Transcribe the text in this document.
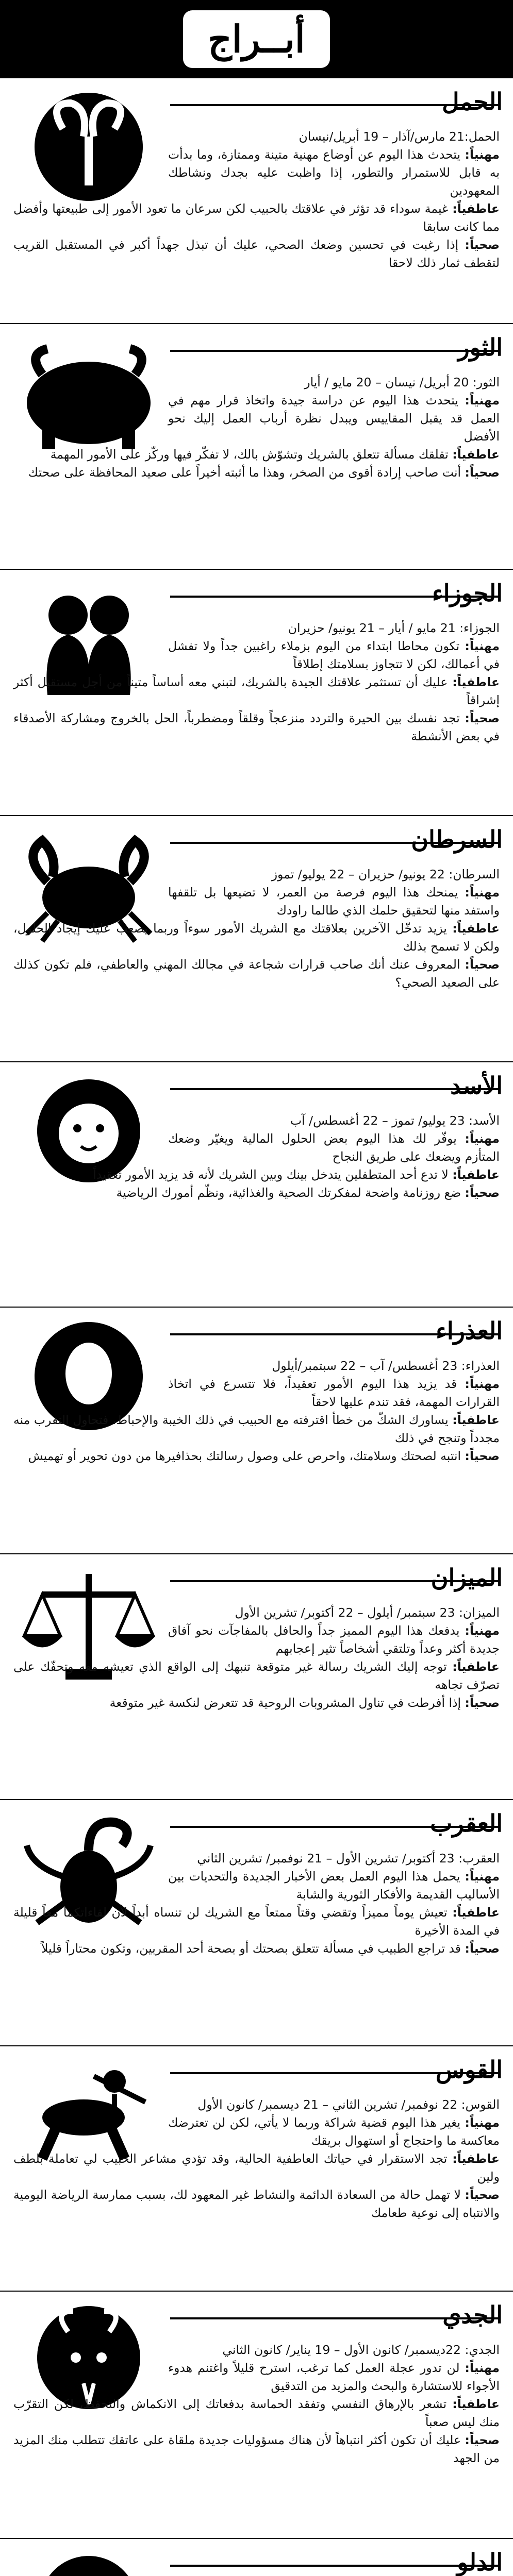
أبــراج
الحمل

الحمل:21 مارس/آذار – 19 أبريل/نيسان

مهنياً: يتحدث هذا اليوم عن أوضاع مهنية متينة وممتازة، وما بدأت به قابل للاستمرار والتطور، إذا واظبت عليه بجدك ونشاطك المعهودين

عاطفياً: غيمة سوداء قد تؤثر في علاقتك بالحبيب لكن سرعان ما تعود الأمور إلى طبيعتها وأفضل مما كانت سابقا

صحياً: إذا رغبت في تحسين وضعك الصحي، عليك أن تبذل جهداً أكبر في المستقبل القريب لتقطف ثمار ذلك لاحقا

الثور

الثور: 20 أبريل/ نيسان – 20 مايو / أيار

مهنياً: يتحدث هذا اليوم عن دراسة جيدة واتخاذ قرار مهم في العمل قد يقبل المقاييس ويبدل نظرة أرباب العمل إليك نحو الأفضل

عاطفياً: تقلقك مسألة تتعلق بالشريك وتشوّش بالك، لا تفكّر فيها وركّز على الأمور المهمة

صحياً: أنت صاحب إرادة أقوى من الصخر، وهذا ما أثبته أخيراً على صعيد المحافظة على صحتك

الجوزاء

الجوزاء: 21 مايو / أيار – 21 يونيو/ حزيران

مهنياً: تكون محاطا ابتداء من اليوم بزملاء راغبين جداً ولا تفشل في أعمالك، لكن لا تتجاوز بسلامتك إطلاقاً

عاطفياً: عليك أن تستثمر علاقتك الجيدة بالشريك، لتبني معه أساساً متيناً من أجل مستقبل أكثر إشراقاً

صحياً: تجد نفسك بين الحيرة والتردد منزعجاً وقلقاً ومضطرباً، الحل بالخروج ومشاركة الأصدقاء في بعض الأنشطة

السرطان

السرطان: 22 يونيو/ حزيران – 22 يوليو/ تموز

مهنياً: يمنحك هذا اليوم فرصة من العمر، لا تضيعها بل تلقفها واستفد منها لتحقيق حلمك الذي طالما راودك

عاطفياً: يزيد تدخّل الآخرين بعلاقتك مع الشريك الأمور سوءاً وربما يصعب عليك إيجاد الحلول، ولكن لا تسمح بذلك

صحياً: المعروف عنك أنك صاحب قرارات شجاعة في مجالك المهني والعاطفي، فلم تكون كذلك على الصعيد الصحي؟

الأسد

الأسد: 23 يوليو/ تموز – 22 أغسطس/ آب

مهنياً: يوفّر لك هذا اليوم بعض الحلول المالية ويغيّر وضعك المتأزم ويضعك على طريق النجاح

عاطفياً: لا تدع أحد المتطفلين يتدخل بينك وبين الشريك لأنه قد يزيد الأمور تعقيداً

صحياً: ضع روزنامة واضحة لمفكرتك الصحية والغذائية، ونظّم أمورك الرياضية

العذراء

العذراء: 23 أغسطس/ آب – 22 سبتمبر/أيلول

مهنياً: قد يزيد هذا اليوم الأمور تعقيداً، فلا تتسرع في اتخاذ القرارات المهمة، فقد تندم عليها لاحقاً

عاطفياً: يساورك الشكّ من خطأ اقترفته مع الحبيب في ذلك الخيبة والإحباط، فتحاول التقرب منه مجدداً وتنجح في ذلك

صحياً: انتبه لصحتك وسلامتك، واحرص على وصول رسالتك بحذافيرها من دون تحوير أو تهميش

الميزان

الميزان: 23 سبتمبر/ أيلول – 22 أكتوبر/ تشرين الأول

مهنياً: يدفعك هذا اليوم المميز جداً والحافل بالمفاجآت نحو آفاق جديدة أكثر وعداً وتلتقي أشخاصاً تثير إعجابهم

عاطفياً: توجه إليك الشريك رسالة غير متوقعة تنبهك إلى الواقع الذي تعيشه معه وتحفّك على تصرّف تجاهه

صحياً: إذا أفرطت في تناول المشروبات الروحية قد تتعرض لنكسة غير متوقعة

العقرب

العقرب: 23 أكتوبر/ تشرين الأول – 21 نوفمبر/ تشرين الثاني

مهنياً: يحمل هذا اليوم العمل بعض الأخبار الجديدة والتحديات بين الأساليب القديمة والأفكار الثورية والشابة

عاطفياً: تعيش يوماً مميزاً وتقضي وقتاً ممتعاً مع الشريك لن تنساه أبداً لأن لقاءاتكما معاً قليلة في المدة الأخيرة

صحياً: قد تراجع الطبيب في مسألة تتعلق بصحتك أو بصحة أحد المقربين، وتكون محتاراً قليلاً

القوس

القوس: 22 نوفمبر/ تشرين الثاني – 21 ديسمبر/ كانون الأول

مهنياً: يغير هذا اليوم قضية شراكة وربما لا يأتي، لكن لن تعترضك معاكسة ما واحتجاج أو استهوال بريقك

عاطفياً: تجد الاستقرار في حياتك العاطفية الحالية، وقد تؤدي مشاعر الحبيب لي تعاملة بلطف ولين

صحياً: لا تهمل حالة من السعادة الدائمة والنشاط غير المعهود لك، بسبب ممارسة الرياضة اليومية والانتباه إلى نوعية طعامك

الجدي

الجدي: 22ديسمبر/ كانون الأول – 19 يناير/ كانون الثاني

مهنياً: لن تدور عجلة العمل كما ترغب، استرح قليلاً واغتنم هدوء الأجواء للاستشارة والبحث والمزيد من التدقيق

عاطفياً: تشعر بالإرهاق النفسي وتفقد الحماسة بدفعاتك إلى الانكماش والتحفظ، لكن التقرّب منك ليس صعباً

صحياً: عليك أن تكون أكثر انتباهاً لأن هناك مسؤوليات جديدة ملقاة على عاتقك تتطلب منك المزيد من الجهد

الدلو
